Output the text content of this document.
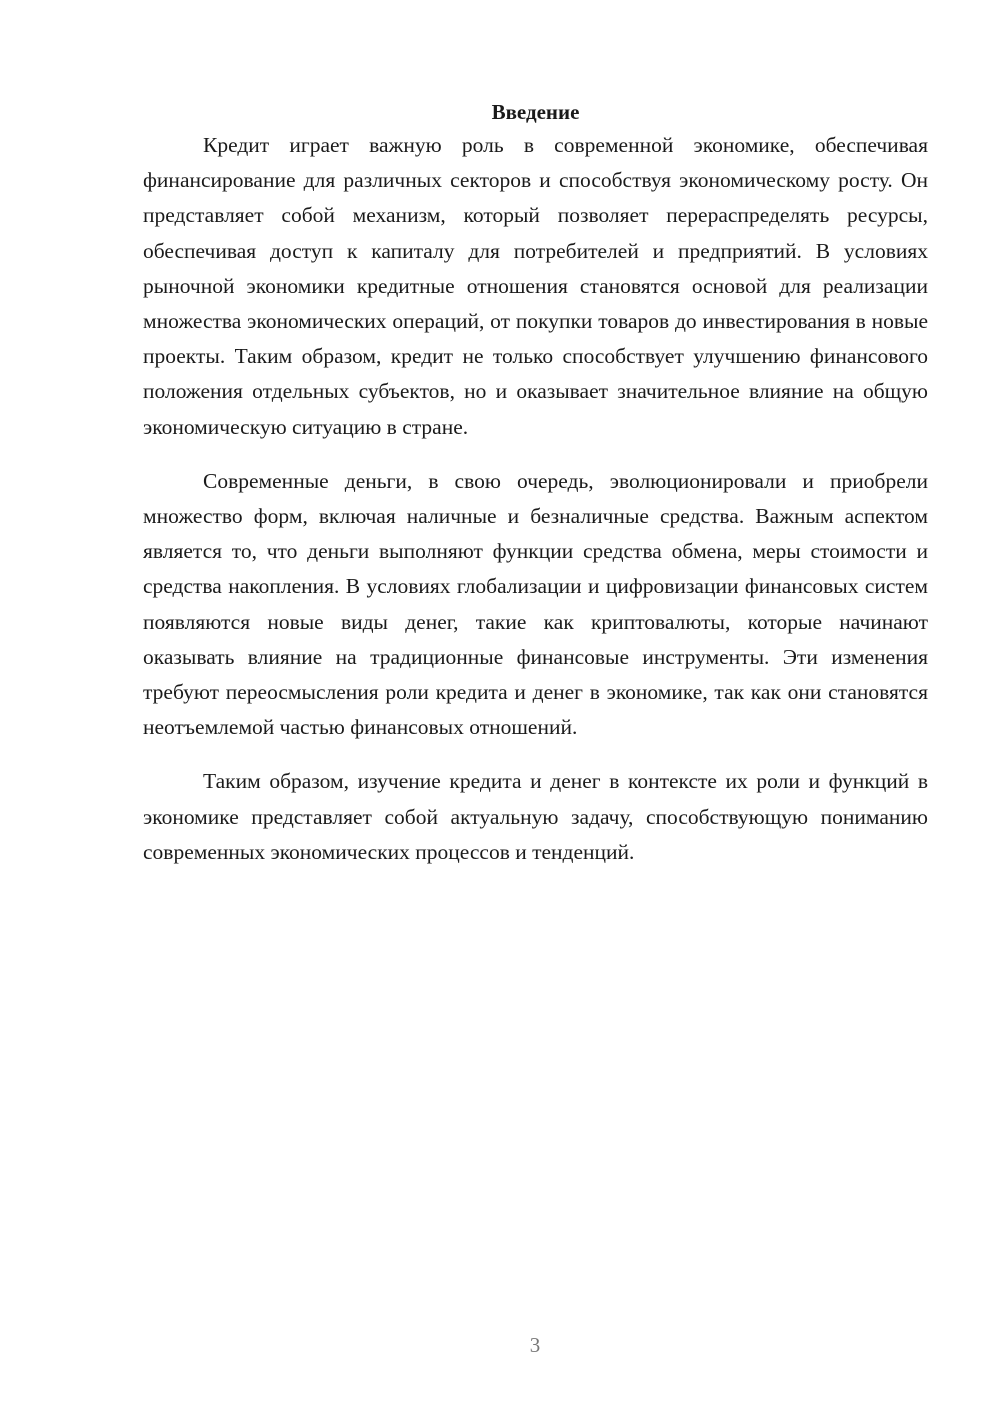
Введение

Кредит играет важную роль в современной экономике, обеспечивая финансирование для различных секторов и способствуя экономическому росту. Он представляет собой механизм, который позволяет перераспределять ресурсы, обеспечивая доступ к капиталу для потребителей и предприятий. В условиях рыночной экономики кредитные отношения становятся основой для реализации множества экономических операций, от покупки товаров до инвестирования в новые проекты. Таким образом, кредит не только способствует улучшению финансового положения отдельных субъектов, но и оказывает значительное влияние на общую экономическую ситуацию в стране.

Современные деньги, в свою очередь, эволюционировали и приобрели множество форм, включая наличные и безналичные средства. Важным аспектом является то, что деньги выполняют функции средства обмена, меры стоимости и средства накопления. В условиях глобализации и цифровизации финансовых систем появляются новые виды денег, такие как криптовалюты, которые начинают оказывать влияние на традиционные финансовые инструменты. Эти изменения требуют переосмысления роли кредита и денег в экономике, так как они становятся неотъемлемой частью финансовых отношений.

Таким образом, изучение кредита и денег в контексте их роли и функций в экономике представляет собой актуальную задачу, способствующую пониманию современных экономических процессов и тенденций.

3
